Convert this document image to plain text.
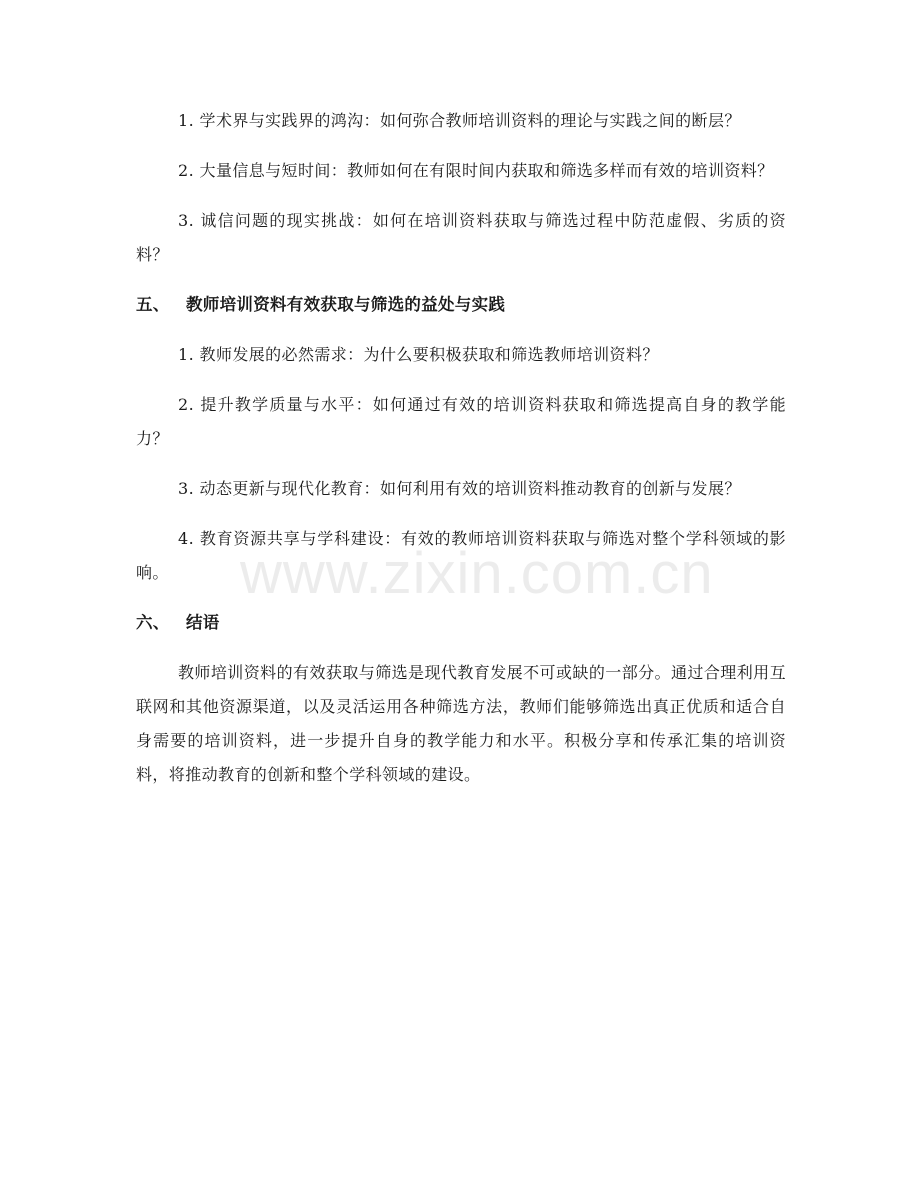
1. 学术界与实践界的鸿沟：如何弥合教师培训资料的理论与实践之间的断层？

2. 大量信息与短时间：教师如何在有限时间内获取和筛选多样而有效的培训资料？

3. 诚信问题的现实挑战：如何在培训资料获取与筛选过程中防范虚假、劣质的资料？

五、 教师培训资料有效获取与筛选的益处与实践

1. 教师发展的必然需求：为什么要积极获取和筛选教师培训资料？

2. 提升教学质量与水平：如何通过有效的培训资料获取和筛选提高自身的教学能力？

3. 动态更新与现代化教育：如何利用有效的培训资料推动教育的创新与发展？

4. 教育资源共享与学科建设：有效的教师培训资料获取与筛选对整个学科领域的影响。

六、 结语

教师培训资料的有效获取与筛选是现代教育发展不可或缺的一部分。通过合理利用互联网和其他资源渠道，以及灵活运用各种筛选方法，教师们能够筛选出真正优质和适合自身需要的培训资料，进一步提升自身的教学能力和水平。积极分享和传承汇集的培训资料，将推动教育的创新和整个学科领域的建设。

www.zixin.com.cn
